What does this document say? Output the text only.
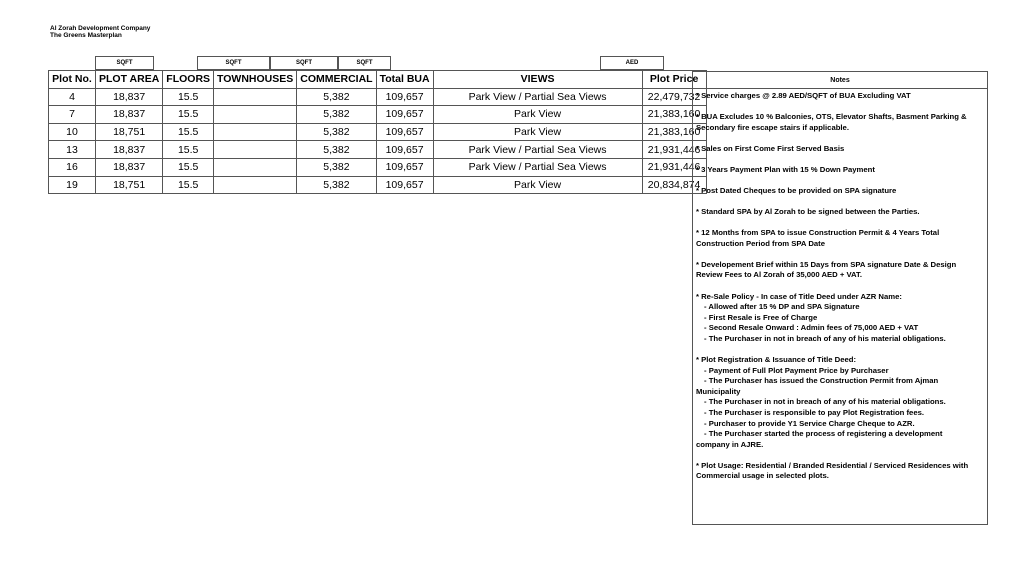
Al Zorah Development Company
The Greens Masterplan
SQFT	SQFT	SQFT	SQFT	AED
Plot No.	PLOT AREA	FLOORS	TOWNHOUSES	COMMERCIAL	Total BUA	VIEWS	Plot Price
4	18,837	15.5		5,382	109,657	Park View / Partial Sea Views	22,479,732
7	18,837	15.5		5,382	109,657	Park View	21,383,160
10	18,751	15.5		5,382	109,657	Park View	21,383,160
13	18,837	15.5		5,382	109,657	Park View / Partial Sea Views	21,931,446
16	18,837	15.5		5,382	109,657	Park View / Partial Sea Views	21,931,446
19	18,751	15.5		5,382	109,657	Park View	20,834,874
Notes
* Service charges @ 2.89 AED/SQFT of BUA Excluding VAT
* BUA Excludes 10 % Balconies, OTS, Elevator Shafts, Basment Parking &
Secondary fire escape stairs if applicable.
* Sales on First Come First Served Basis
* 3 Years Payment Plan with 15 % Down Payment
* Post Dated Cheques to be provided on SPA signature
* Standard SPA by Al Zorah to be signed between the Parties.
* 12 Months from SPA to issue Construction Permit & 4 Years Total
Construction Period from SPA Date
* Developement Brief within 15 Days from SPA signature Date & Design
Review Fees to Al Zorah of 35,000 AED + VAT.
* Re-Sale Policy - In case of Title Deed under AZR Name:
- Allowed after 15 % DP and SPA Signature
- First Resale is Free of Charge
- Second Resale Onward : Admin fees of 75,000 AED + VAT
- The Purchaser in not in breach of any of his material obligations.
* Plot Registration & Issuance of Title Deed:
- Payment of Full Plot Payment Price by Purchaser
- The Purchaser has issued the Construction Permit from Ajman
Municipality
- The Purchaser in not in breach of any of his material obligations.
- The Purchaser is responsible to pay Plot Registration fees.
- Purchaser to provide Y1 Service Charge Cheque to AZR.
- The Purchaser started the process of registering a development
company in AJRE.
* Plot Usage: Residential / Branded Residential / Serviced Residences with
Commercial usage in selected plots.
